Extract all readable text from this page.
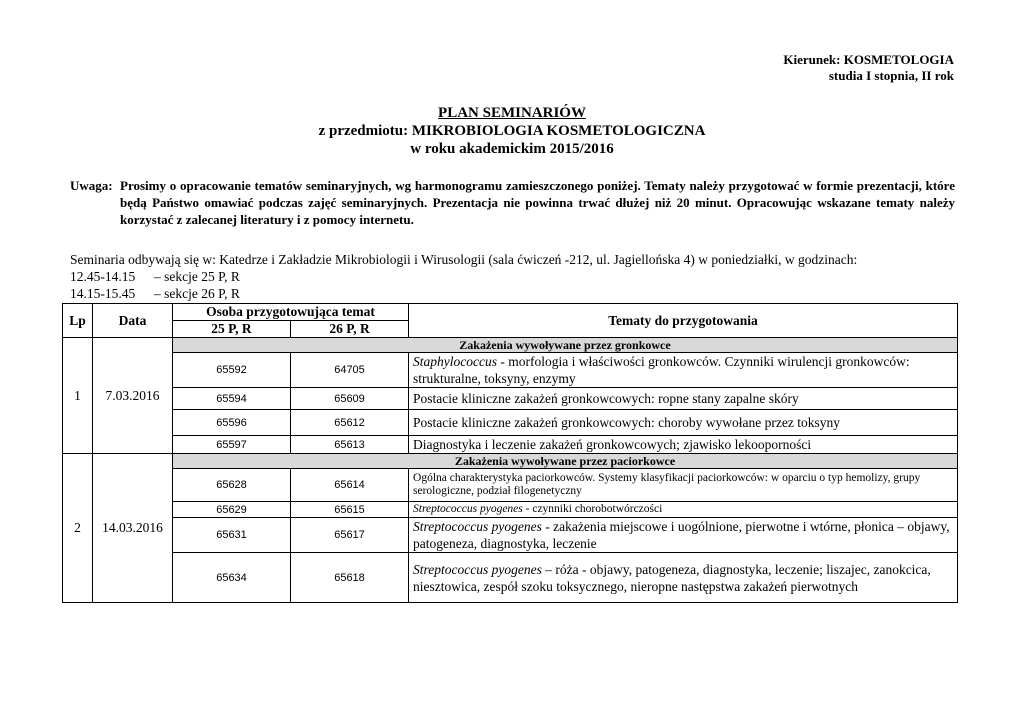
Kierunek: KOSMETOLOGIA
studia I stopnia, II rok
PLAN SEMINARIÓW
z przedmiotu: MIKROBIOLOGIA KOSMETOLOGICZNA
w roku akademickim 2015/2016
Uwaga: Prosimy o opracowanie tematów seminaryjnych, wg harmonogramu zamieszczonego poniżej. Tematy należy przygotować w formie prezentacji, które będą Państwo omawiać podczas zajęć seminaryjnych. Prezentacja nie powinna trwać dłużej niż 20 minut. Opracowując wskazane tematy należy korzystać z zalecanej literatury i z pomocy internetu.
Seminaria odbywają się w: Katedrze i Zakładzie Mikrobiologii i Wirusologii (sala ćwiczeń -212, ul. Jagiellońska 4) w poniedziałki, w godzinach:
12.45-14.15 – sekcje 25 P, R
14.15-15.45 – sekcje 26 P, R
Lp	Data	Osoba przygotowująca temat		Tematy do przygotowania
		25 P, R	26 P, R	
1	7.03.2016	Zakażenia wywoływane przez gronkowce		
		65592	64705	Staphylococcus - morfologia i właściwości gronkowców. Czynniki wirulencji gronkowców: strukturalne, toksyny, enzymy
		65594	65609	Postacie kliniczne zakażeń gronkowcowych: ropne stany zapalne skóry
		65596	65612	Postacie kliniczne zakażeń gronkowcowych: choroby wywołane przez toksyny
		65597	65613	Diagnostyka i leczenie zakażeń gronkowcowych; zjawisko lekooporności
2	14.03.2016	Zakażenia wywoływane przez paciorkowce		
		65628	65614	Ogólna charakterystyka paciorkowców. Systemy klasyfikacji paciorkowców: w oparciu o typ hemolizy, grupy serologiczne, podział filogenetyczny
		65629	65615	Streptococcus pyogenes - czynniki chorobotwórczości
		65631	65617	Streptococcus pyogenes - zakażenia miejscowe i uogólnione, pierwotne i wtórne, płonica – objawy, patogeneza, diagnostyka, leczenie
		65634	65618	Streptococcus pyogenes – róża - objawy, patogeneza, diagnostyka, leczenie; liszajec, zanokcica, niesztowica, zespół szoku toksycznego, nieropne następstwa zakażeń pierwotnych
